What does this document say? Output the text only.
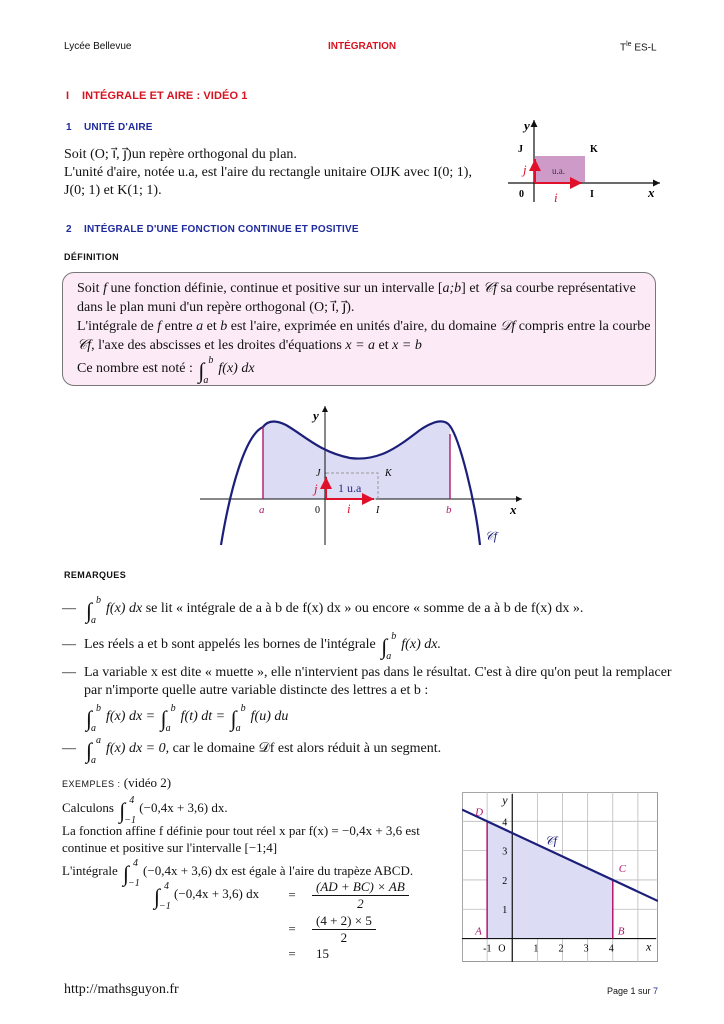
Lycée Bellevue	INTÉGRATION	$T^{le}$ ES-L
I INTÉGRALE ET AIRE : VIDÉO 1
1 UNITÉ D'AIRE
Soit (O; i⃗, j⃗)un repère orthogonal du plan.
L'unité d'aire, notée u.a, est l'aire du rectangle unitaire OIJK avec I(0; 1),
J(0; 1) et K(1; 1).
y
x
J	K
I
0
u.a.
i⃗
j⃗
2 INTÉGRALE D'UNE FONCTION CONTINUE ET POSITIVE
DÉFINITION
Soit f une fonction définie, continue et positive sur un intervalle [a;b] et 𝒞f sa courbe représentative
dans le plan muni d'un repère orthogonal (O; i⃗, j⃗).
L'intégrale de f entre a et b est l'aire, exprimée en unités d'aire, du domaine 𝒟f compris entre la courbe
𝒞f, l'axe des abscisses et les droites d'équations x = a et x = b
Ce nombre est noté : ∫ b
a
f(x) dx
y
x
0
a	b
I
J	K
1 u.a
i⃗
j⃗
𝒞f
REMARQUES
— ∫ b
a
f(x) dx se lit « intégrale de a à b de f(x) dx » ou encore « somme de a à b de f(x) dx ».
— Les réels a et b sont appelés les bornes de l'intégrale ∫ b
a
f(x) dx.
— La variable x est dite « muette », elle n'intervient pas dans le résultat. C'est à dire qu'on peut la remplacer
par n'importe quelle autre variable distincte des lettres a et b :
∫ b
a
f(x) dx = ∫ b
a
f(t) dt = ∫ b
a
f(u) du
— ∫ a
a
f(x) dx = 0, car le domaine 𝒟f est alors réduit à un segment.
EXEMPLES : (vidéo 2)
Calculons ∫ 4
−1
(−0,4x + 3,6) dx.
La fonction affine f définie pour tout réel x par f(x) = −0,4x + 3,6 est
continue et positive sur l'intervalle [−1;4]
L'intégrale ∫ 4
−1
(−0,4x + 3,6) dx est égale à l'aire du trapèze ABCD.
∫ 4
−1
(−0,4x + 3,6) dx	=	$\frac{(AD + BC) \times AB}{2}$
=	$\frac{(4 + 2) \times 5}{2}$
=	15	-1 O	1 2 3 4
1
2
3
4
A	B
C
D
x
y
𝒞f
http://mathsguyon.fr	Page 1 sur 7
